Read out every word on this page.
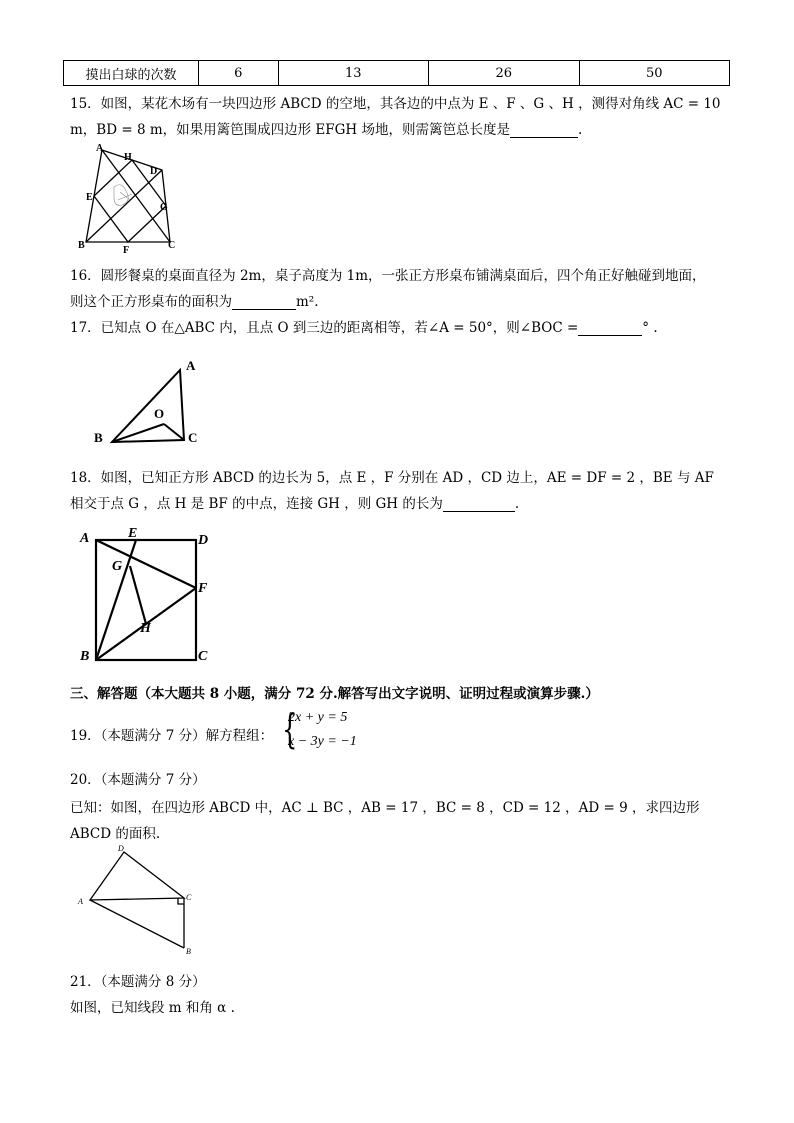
摸出白球的次数	6	13	26	50
15．如图，某花木场有一块四边形 ABCD 的空地，其各边的中点为 E 、F 、G 、H ，测得对角线 AC = 10
m，BD = 8 m，如果用篱笆围成四边形 EFGH 场地，则需篱笆总长度是	.
A
H
D
E
G
B	F	C
16．圆形餐桌的桌面直径为 2m，桌子高度为 1m，一张正方形桌布铺满桌面后，四个角正好触碰到地面，
则这个正方形桌布的面积为	m².
17．已知点 O 在△ABC 内，且点 O 到三边的距离相等，若∠A = 50°，则∠BOC =	° .
A
O
B	C
18．如图，已知正方形 ABCD 的边长为 5，点 E ，F 分别在 AD ，CD 边上，AE = DF = 2 ，BE 与 AF
相交于点 G ，点 H 是 BF 的中点，连接 GH ，则 GH 的长为	.
A	E	D
G
F
H
B	C
三、解答题（本大题共 8 小题，满分 72 分.解答写出文字说明、证明过程或演算步骤.）
19．（本题满分 7 分）解方程组： {
2x + y = 5
x − 3y = −1
20．（本题满分 7 分）
已知：如图，在四边形 ABCD 中，AC ⊥ BC ，AB = 17 ，BC = 8 ，CD = 12 ，AD = 9 ，求四边形
ABCD 的面积.
D
A	C
B
21．（本题满分 8 分）
如图，已知线段 m 和角 α .
